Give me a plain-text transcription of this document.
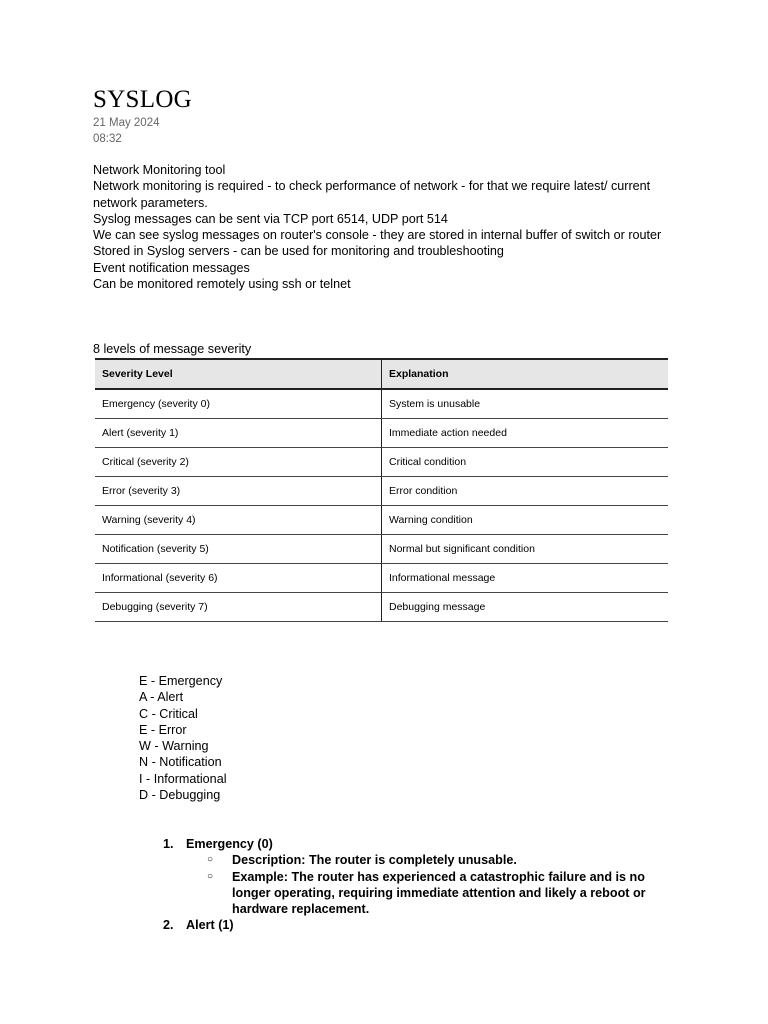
SYSLOG
21 May 2024
08:32
Network Monitoring tool
Network monitoring is required - to check performance of network - for that we require latest/ current network parameters.
Syslog messages can be sent via TCP port 6514, UDP port 514
We can see syslog messages on router's console - they are stored in internal buffer of switch or router
Stored in Syslog servers - can be used for monitoring and troubleshooting
Event notification messages
Can be monitored remotely using ssh or telnet
8 levels of message severity
Severity Level	Explanation
Emergency (severity 0)	System is unusable
Alert (severity 1)	Immediate action needed
Critical (severity 2)	Critical condition
Error (severity 3)	Error condition
Warning (severity 4)	Warning condition
Notification (severity 5)	Normal but significant condition
Informational (severity 6)	Informational message
Debugging (severity 7)	Debugging message
E - Emergency
A - Alert
C - Critical
E - Error
W - Warning
N - Notification
I - Informational
D - Debugging
1. Emergency (0)
○	Description: The router is completely unusable.
○	Example: The router has experienced a catastrophic failure and is no longer operating, requiring immediate attention and likely a reboot or hardware replacement.
2. Alert (1)
